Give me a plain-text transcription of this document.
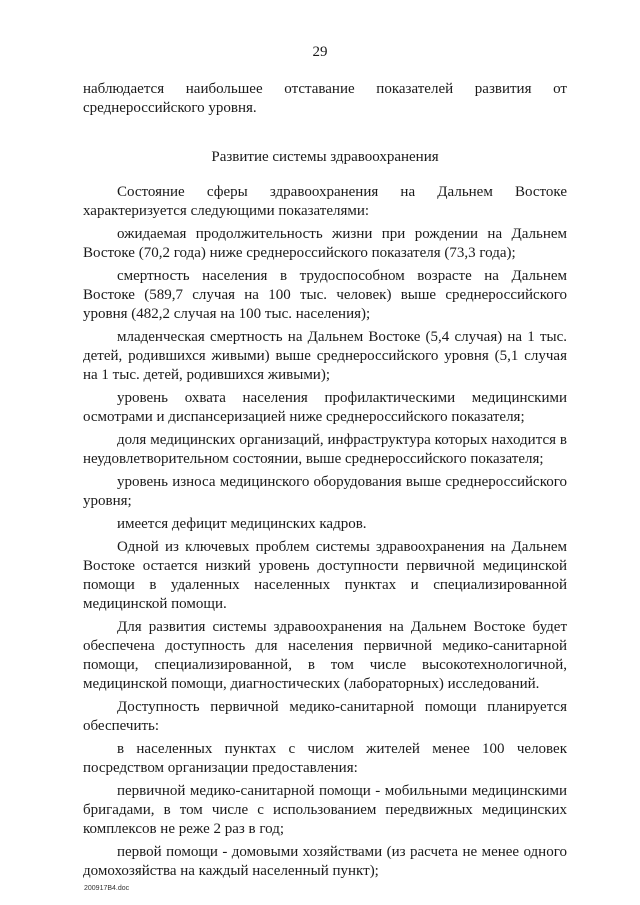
29

наблюдается наибольшее отставание показателей развития от среднероссийского уровня.

Развитие системы здравоохранения

Состояние сферы здравоохранения на Дальнем Востоке характеризуется следующими показателями:

ожидаемая продолжительность жизни при рождении на Дальнем Востоке (70,2 года) ниже среднероссийского показателя (73,3 года);

смертность населения в трудоспособном возрасте на Дальнем Востоке (589,7 случая на 100 тыс. человек) выше среднероссийского уровня (482,2 случая на 100 тыс. населения);

младенческая смертность на Дальнем Востоке (5,4 случая) на 1 тыс. детей, родившихся живыми) выше среднероссийского уровня (5,1 случая на 1 тыс. детей, родившихся живыми);

уровень охвата населения профилактическими медицинскими осмотрами и диспансеризацией ниже среднероссийского показателя;

доля медицинских организаций, инфраструктура которых находится в неудовлетворительном состоянии, выше среднероссийского показателя;

уровень износа медицинского оборудования выше среднероссийского уровня;

имеется дефицит медицинских кадров.

Одной из ключевых проблем системы здравоохранения на Дальнем Востоке остается низкий уровень доступности первичной медицинской помощи в удаленных населенных пунктах и специализированной медицинской помощи.

Для развития системы здравоохранения на Дальнем Востоке будет обеспечена доступность для населения первичной медико-санитарной помощи, специализированной, в том числе высокотехнологичной, медицинской помощи, диагностических (лабораторных) исследований.

Доступность первичной медико-санитарной помощи планируется обеспечить:

в населенных пунктах с числом жителей менее 100 человек посредством организации предоставления:

первичной медико-санитарной помощи - мобильными медицинскими бригадами, в том числе с использованием передвижных медицинских комплексов не реже 2 раз в год;

первой помощи - домовыми хозяйствами (из расчета не менее одного домохозяйства на каждый населенный пункт);

200917В4.doc
